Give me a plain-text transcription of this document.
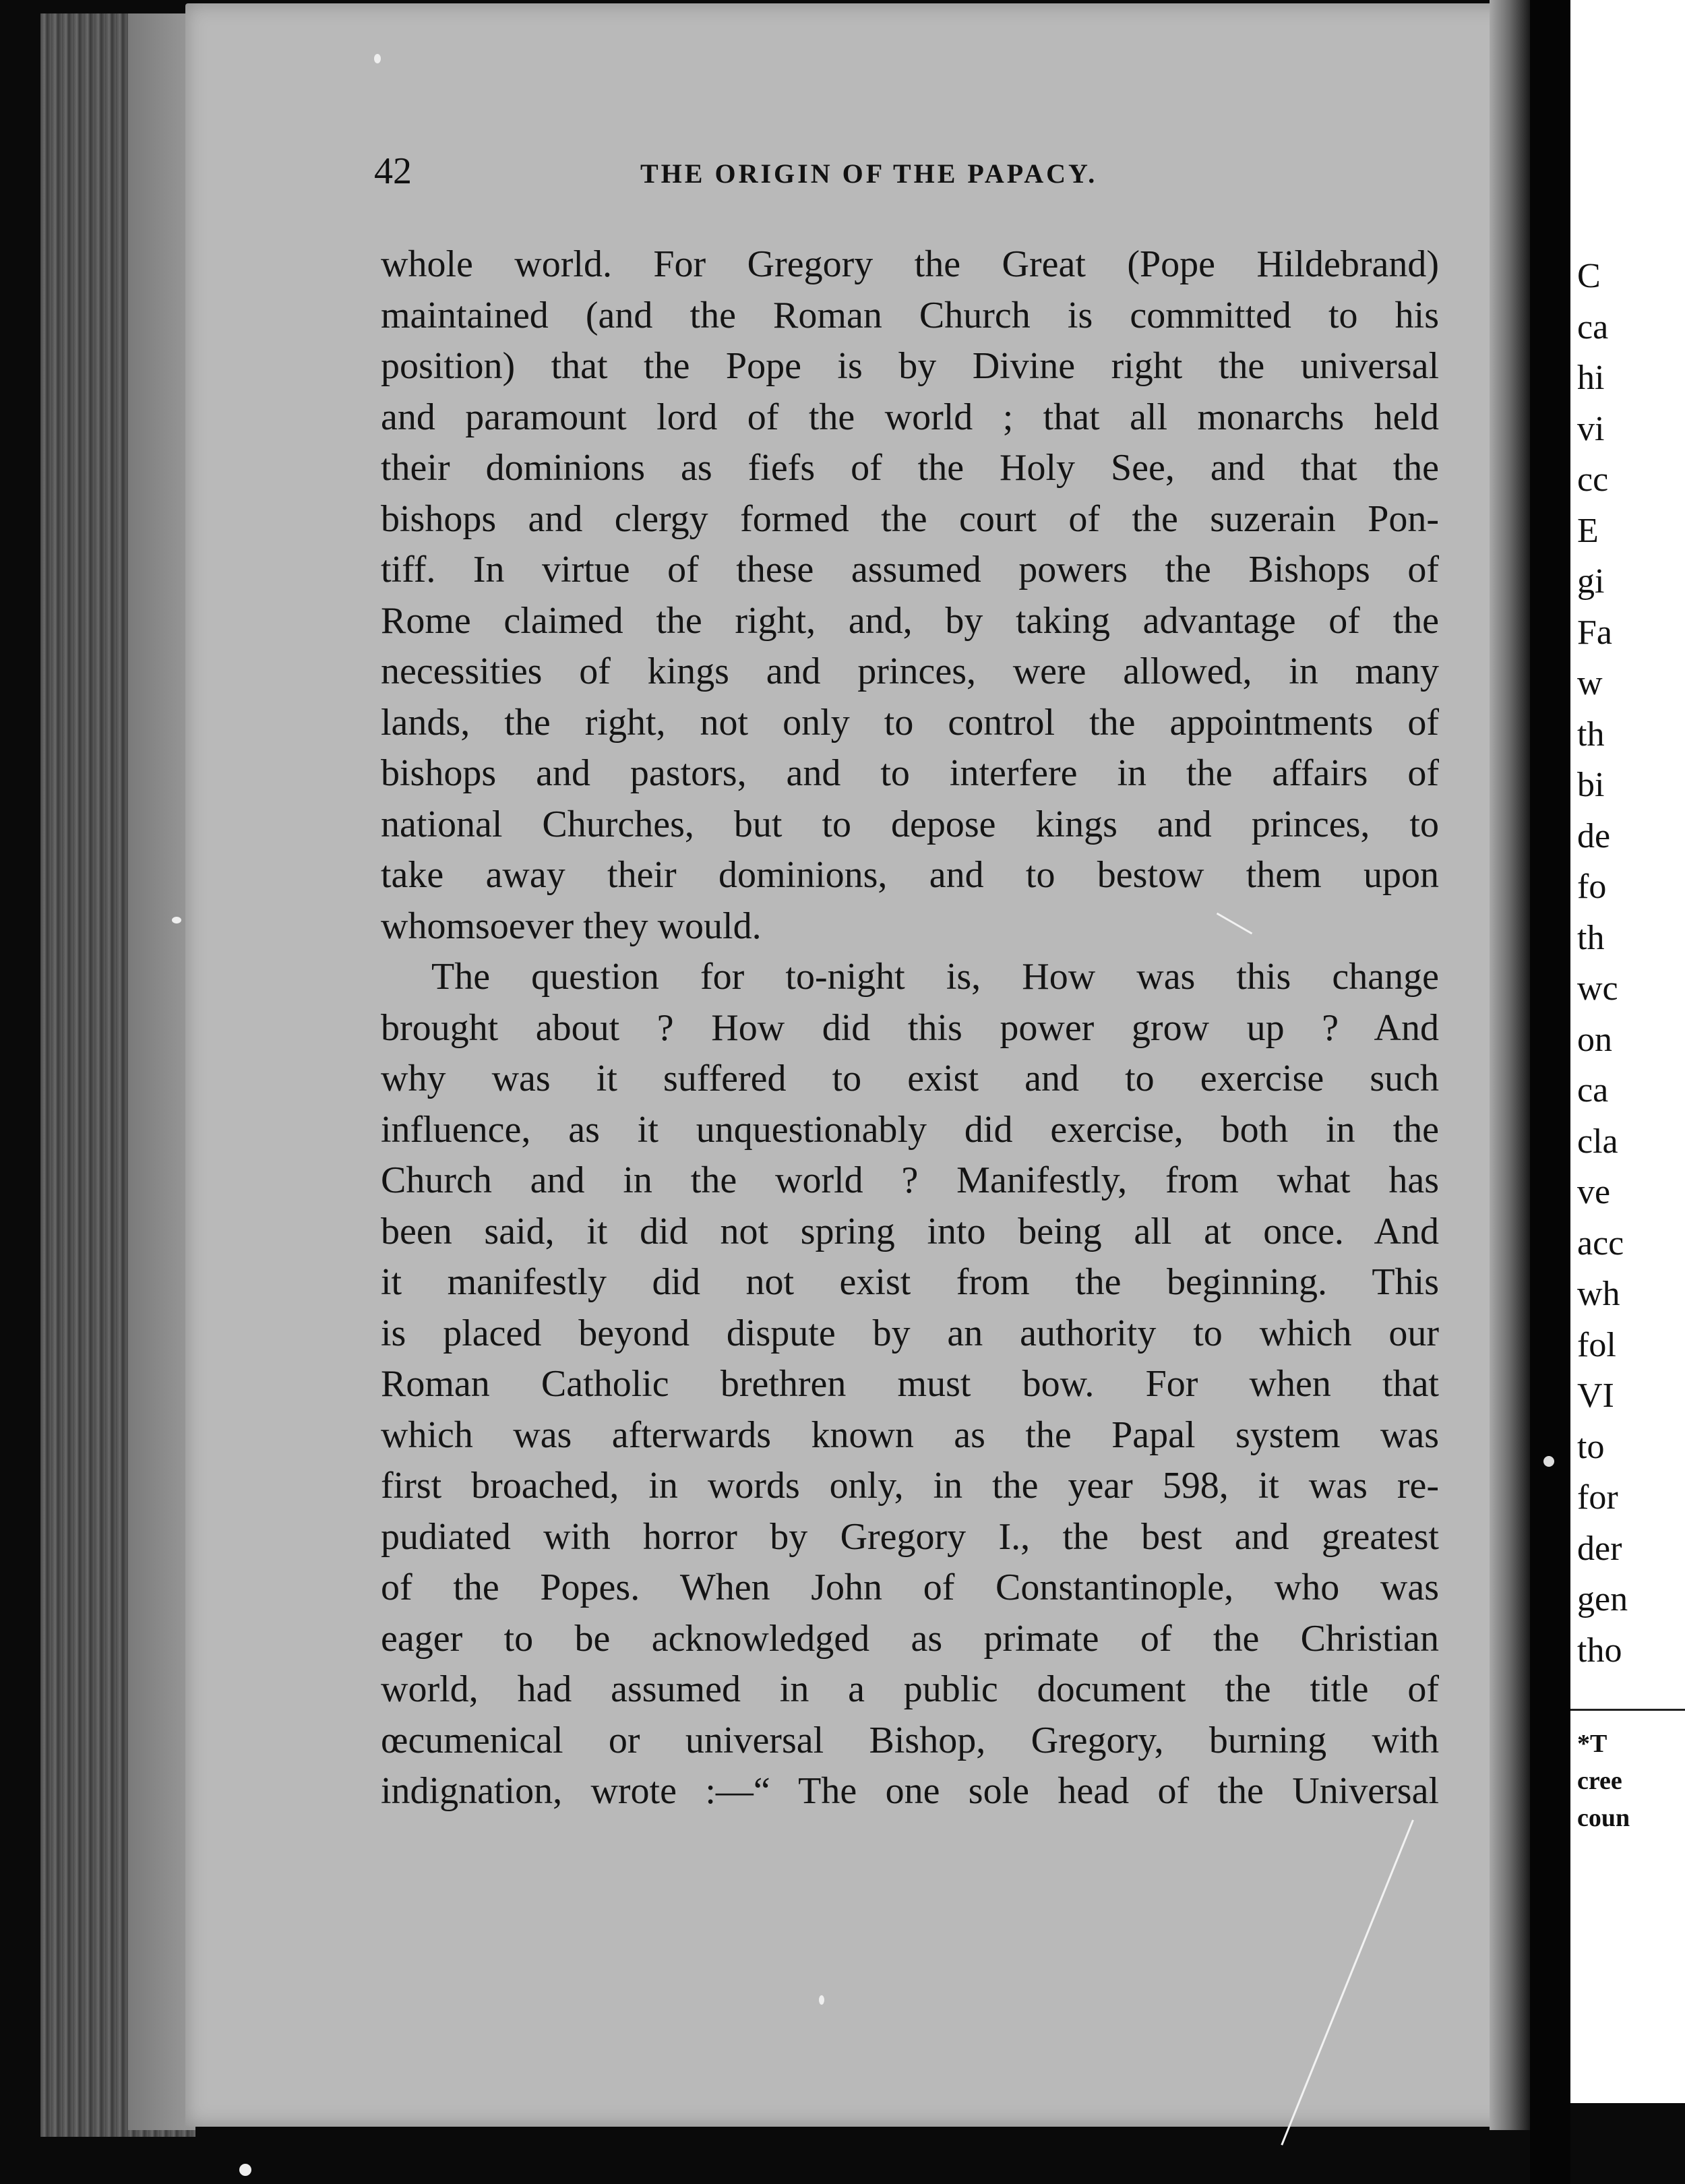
C
ca
hi
vi
cc
E
gi
Fa
w
th
bi
de
fo
th
wc
on
ca
cla
ve
acc
wh
fol
VI
to
for
der
gen
tho
*T
cree
coun
42	THE ORIGIN OF THE PAPACY.
whole world. For Gregory the Great (Pope Hildebrand)
maintained (and the Roman Church is committed to his
position) that the Pope is by Divine right the universal
and paramount lord of the world ; that all monarchs held
their dominions as fiefs of the Holy See, and that the
bishops and clergy formed the court of the suzerain Pon-
tiff. In virtue of these assumed powers the Bishops of
Rome claimed the right, and, by taking advantage of the
necessities of kings and princes, were allowed, in many
lands, the right, not only to control the appointments of
bishops and pastors, and to interfere in the affairs of
national Churches, but to depose kings and princes, to
take away their dominions, and to bestow them upon
whomsoever they would.
The question for to-night is, How was this change
brought about ? How did this power grow up ? And
why was it suffered to exist and to exercise such
influence, as it unquestionably did exercise, both in the
Church and in the world ? Manifestly, from what has
been said, it did not spring into being all at once. And
it manifestly did not exist from the beginning. This
is placed beyond dispute by an authority to which our
Roman Catholic brethren must bow. For when that
which was afterwards known as the Papal system was
first broached, in words only, in the year 598, it was re-
pudiated with horror by Gregory I., the best and greatest
of the Popes. When John of Constantinople, who was
eager to be acknowledged as primate of the Christian
world, had assumed in a public document the title of
œcumenical or universal Bishop, Gregory, burning with
indignation, wrote :—“ The one sole head of the Universal
